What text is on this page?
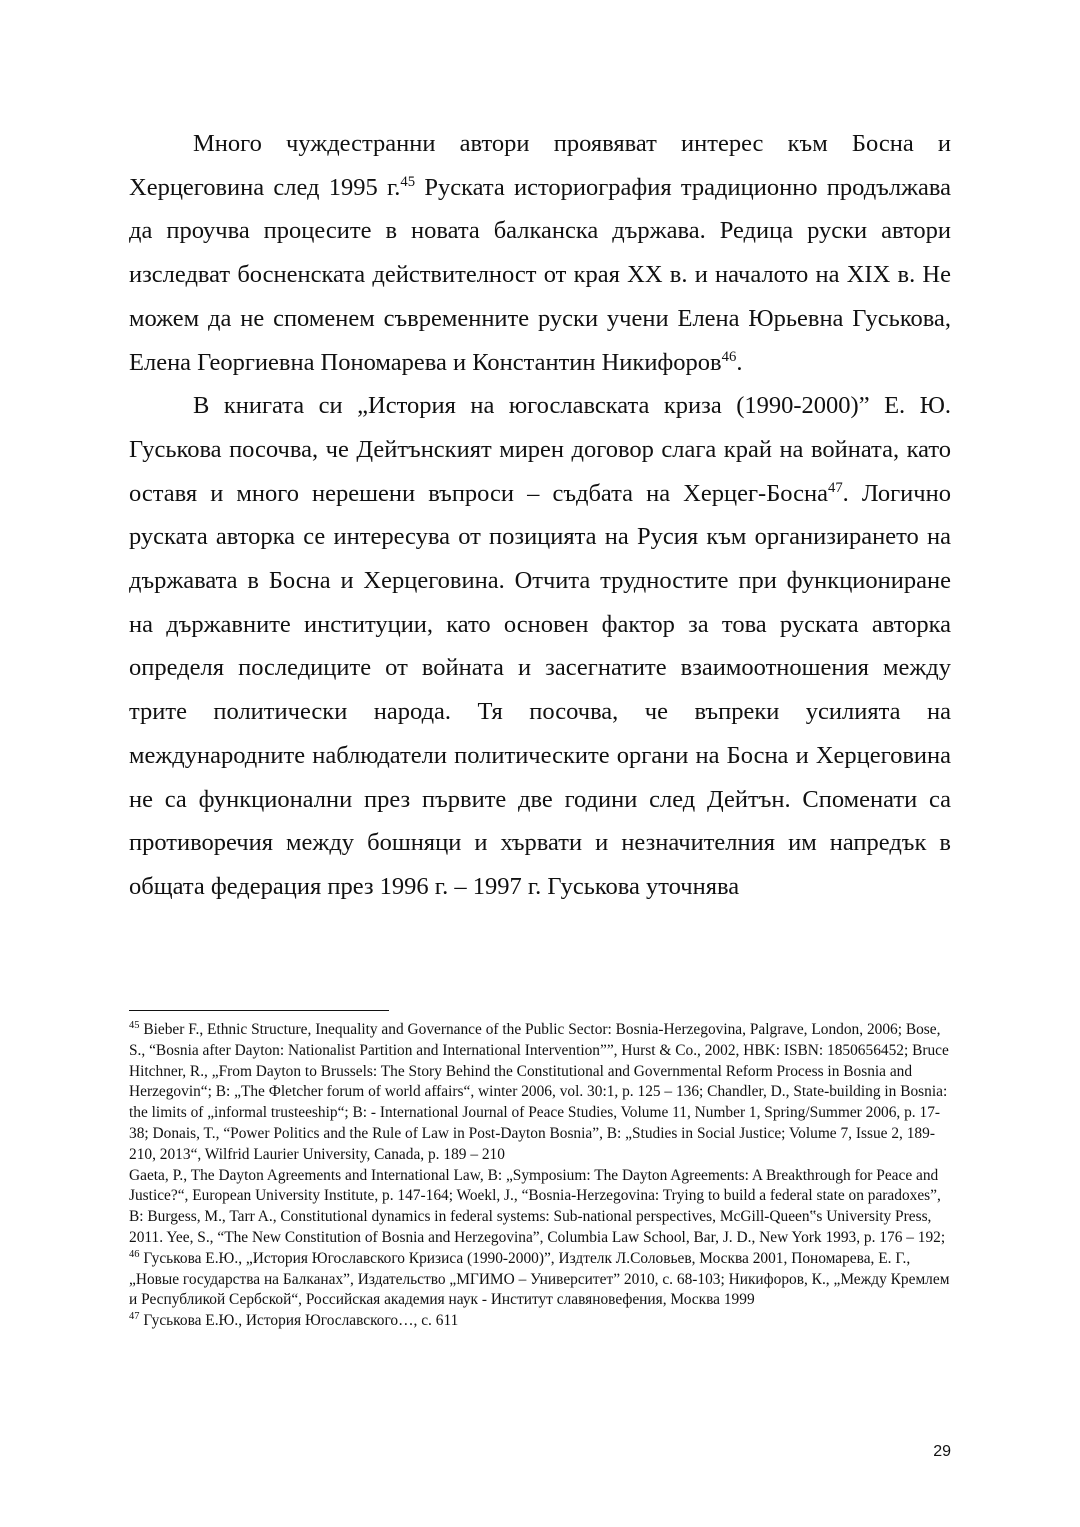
Много чуждестранни автори проявяват интерес към Босна и Херцеговина след 1995 г.$^{45}$ Руската историография традиционно продължава да проучва процесите в новата балканска държава. Редица руски автори изследват босненската действителност от края XX в. и началото на XIX в. Не можем да не споменем съвременните руски учени Елена Юрьевна Гуськова, Елена Георгиевна Пономарева и Константин Никифоров$^{46}$.

В книгата си „История на югославската криза (1990-2000)” Е. Ю. Гуськова посочва, че Дейтънският мирен договор слага край на войната, като оставя и много нерешени въпроси – съдбата на Херцег-Босна$^{47}$. Логично руската авторка се интересува от позицията на Русия към организирането на държавата в Босна и Херцеговина. Отчита трудностите при функциониране на държавните институции, като основен фактор за това руската авторка определя последиците от войната и засегнатите взаимоотношения между трите политически народа. Тя посочва, че въпреки усилията на международните наблюдатели политическите органи на Босна и Херцеговина не са функционални през първите две години след Дейтън. Споменати са противоречия между бошняци и хървати и незначителния им напредък в общата федерация през 1996 г. – 1997 г. Гуськова уточнява

$^{45}$ Bieber F., Ethnic Structure, Inequality and Governance of the Public Sector: Bosnia-Herzegovina, Palgrave, London, 2006; Bose, S., “Bosnia after Dayton: Nationalist Partition and International Intervention””, Hurst & Co., 2002, HBK: ISBN: 1850656452; Bruce Hitchner, R., „From Dayton to Brussels: The Story Behind the Constitutional and Governmental Reform Process in Bosnia and Herzegovin“; В: „The Фletcher forum of world affairs“, winter 2006, vol. 30:1, p. 125 – 136; Chandler, D., State-building in Bosnia: the limits of „informal trusteeship“; В: - International Journal of Peace Studies, Volume 11, Number 1, Spring/Summer 2006, p. 17-38; Donais, T., “Power Politics and the Rule of Law in Post-Dayton Bosnia”, В: „Studies in Social Justice; Volume 7, Issue 2, 189-210, 2013“, Wilfrid Laurier University, Canada, p. 189 – 210

Gaeta, P., The Dayton Agreements and International Law, В: „Symposium: The Dayton Agreements: A Breakthrough for Peace and Justice?“, European University Institute, p. 147-164; Woekl, J., “Bosnia-Herzegovina: Trying to build a federal state on paradoxes”, В: Burgess, M., Tarr A., Constitutional dynamics in federal systems: Sub-national perspectives, McGill-Queen‟s University Press, 2011. Yee, S., “The New Constitution of Bosnia and Herzegovina”, Columbia Law School, Bar, J. D., New York 1993, p. 176 – 192;

$^{46}$ Гуськова Е.Ю., „История Югославского Кризиса (1990-2000)”, Издтелк Л.Соловьев, Москва 2001, Пономарева, Е. Г., „Новые государства на Балканах”, Издательство „МГИМО – Университет” 2010, с. 68-103; Никифоров, К., „Между Кремлем и Республикой Сербской“, Российская академия наук - Институт славяновефения, Москва 1999

$^{47}$ Гуськова Е.Ю., История Югославского…, с. 611

29
